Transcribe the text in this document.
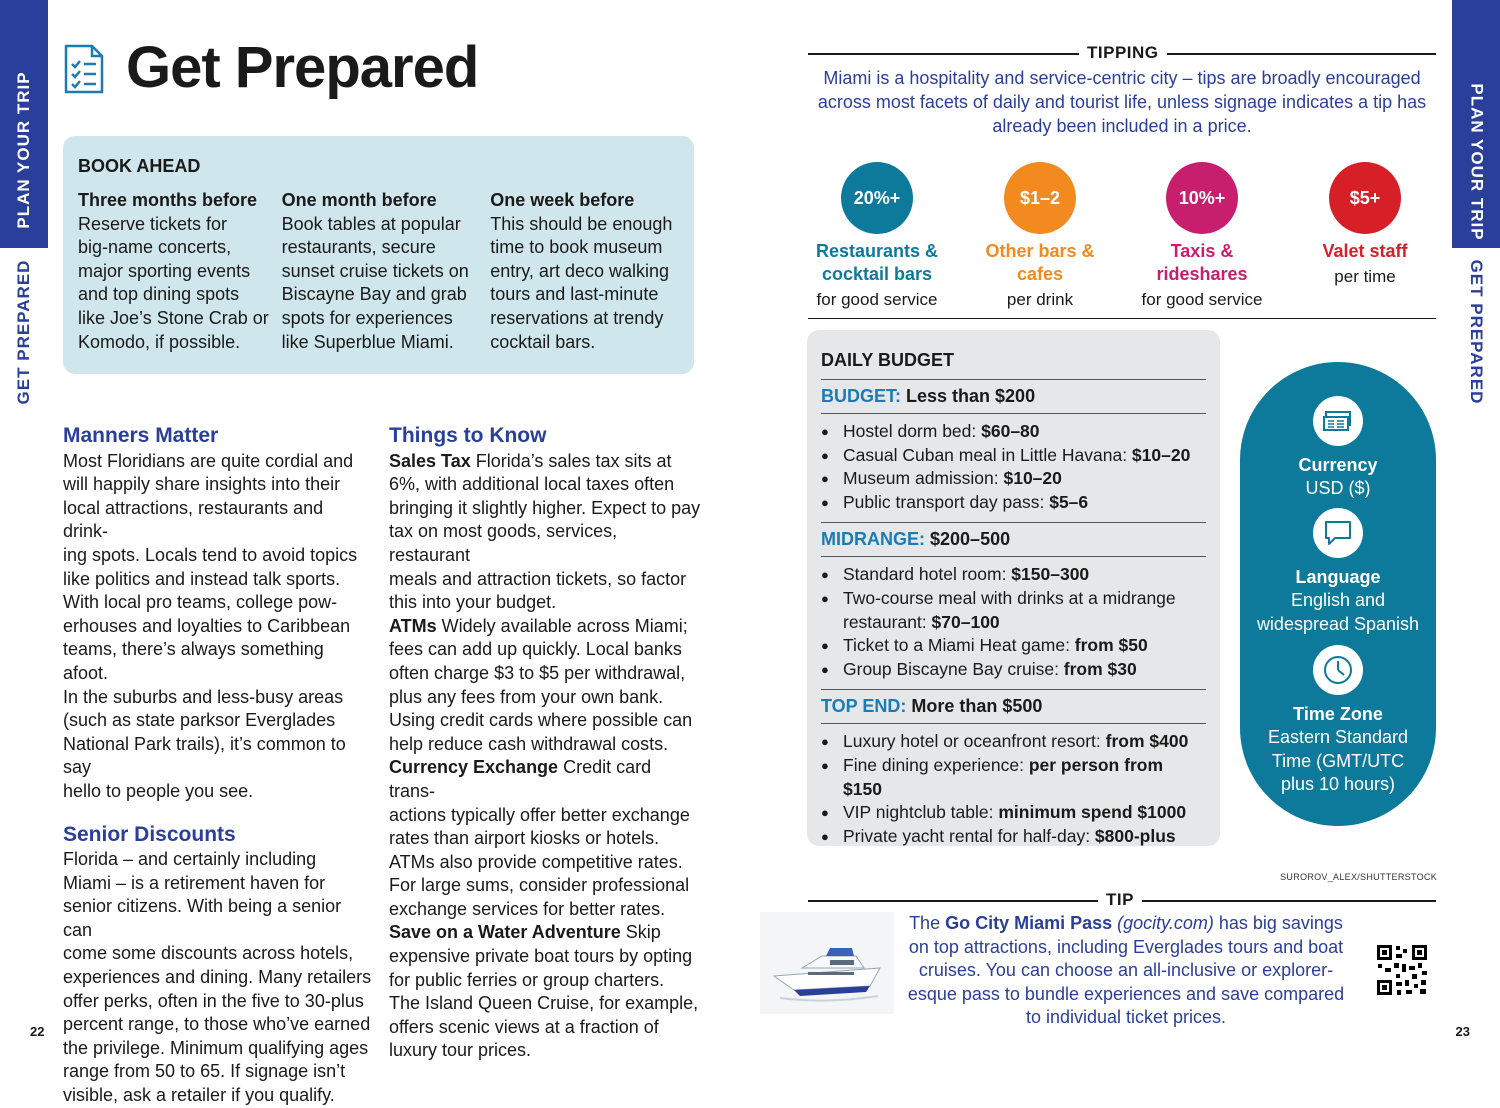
PLAN YOUR TRIP
GET PREPARED
PLAN YOUR TRIP
GET PREPARED
22	23
Get Prepared
BOOK AHEAD
Three months before
Reserve tickets for
big-name concerts,
major sporting events
and top dining spots
like Joe’s Stone Crab or
Komodo, if possible.
One month before
Book tables at popular
restaurants, secure
sunset cruise tickets on
Biscayne Bay and grab
spots for experiences
like Superblue Miami.
One week before
This should be enough
time to book museum
entry, art deco walking
tours and last-minute
reservations at trendy
cocktail bars.
Manners Matter
Most Floridians are quite cordial and
will happily share insights into their
local attractions, restaurants and drink-
ing spots. Locals tend to avoid topics
like politics and instead talk sports.
With local pro teams, college pow-
erhouses and loyalties to Caribbean
teams, there’s always something afoot.
In the suburbs and less-busy areas
(such as state parksor Everglades
National Park trails), it’s common to say
hello to people you see.
Senior Discounts
Florida – and certainly including
Miami – is a retirement haven for
senior citizens. With being a senior can
come some discounts across hotels,
experiences and dining. Many retailers
offer perks, often in the five to 30-plus
percent range, to those who’ve earned
the privilege. Minimum qualifying ages
range from 50 to 65. If signage isn’t
visible, ask a retailer if you qualify.
Things to Know
Sales Tax Florida’s sales tax sits at
6%, with additional local taxes often
bringing it slightly higher. Expect to pay
tax on most goods, services, restaurant
meals and attraction tickets, so factor
this into your budget.
ATMs Widely available across Miami;
fees can add up quickly. Local banks
often charge $3 to $5 per withdrawal,
plus any fees from your own bank.
Using credit cards where possible can
help reduce cash withdrawal costs.
Currency Exchange Credit card trans-
actions typically offer better exchange
rates than airport kiosks or hotels.
ATMs also provide competitive rates.
For large sums, consider professional
exchange services for better rates.
Save on a Water Adventure Skip
expensive private boat tours by opting
for public ferries or group charters.
The Island Queen Cruise, for example,
offers scenic views at a fraction of
luxury tour prices.
TIPPING
Miami is a hospitality and service-centric city – tips are broadly encouraged
across most facets of daily and tourist life, unless signage indicates a tip has
already been included in a price.
20%+
Restaurants &
cocktail bars
for good service
$1–2
Other bars &
cafes
per drink
10%+
Taxis &
rideshares
for good service
$5+
Valet staff
per time
DAILY BUDGET
BUDGET: Less than $200
● Hostel dorm bed: $60–80
● Casual Cuban meal in Little Havana: $10–20
● Museum admission: $10–20
● Public transport day pass: $5–6
MIDRANGE: $200–500
● Standard hotel room: $150–300
● Two-course meal with drinks at a midrange restaurant: $70–100
● Ticket to a Miami Heat game: from $50
● Group Biscayne Bay cruise: from $30
TOP END: More than $500
● Luxury hotel or oceanfront resort: from $400
● Fine dining experience: per person from $150
● VIP nightclub table: minimum spend $1000
● Private yacht rental for half-day: $800-plus
Currency
USD ($)
Language
English and
widespread Spanish
Time Zone
Eastern Standard
Time (GMT/UTC
plus 10 hours)
SUROROV_ALEX/SHUTTERSTOCK
TIP
The Go City Miami Pass (gocity.com) has big savings
on top attractions, including Everglades tours and boat
cruises. You can choose an all-inclusive or explorer-
esque pass to bundle experiences and save compared
to individual ticket prices.
